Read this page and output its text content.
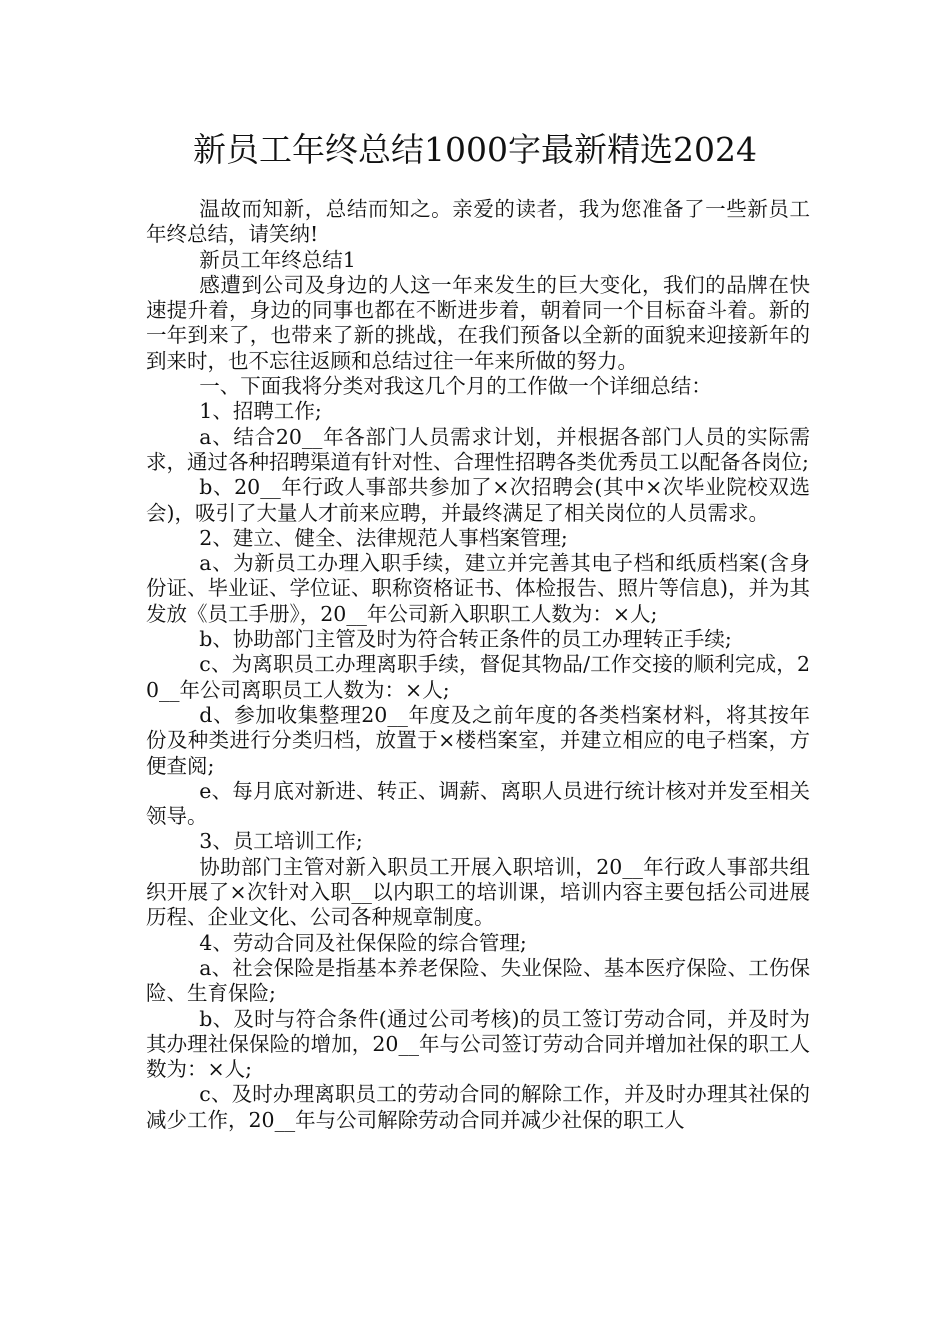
新员工年终总结1000字最新精选2024

温故而知新，总结而知之。亲爱的读者，我为您准备了一些新员工年终总结，请笑纳!

新员工年终总结1

感遭到公司及身边的人这一年来发生的巨大变化，我们的品牌在快速提升着，身边的同事也都在不断进步着，朝着同一个目标奋斗着。新的一年到来了，也带来了新的挑战，在我们预备以全新的面貌来迎接新年的到来时，也不忘往返顾和总结过往一年来所做的努力。

一、下面我将分类对我这几个月的工作做一个详细总结：

1、招聘工作;

a、结合20__年各部门人员需求计划，并根据各部门人员的实际需求，通过各种招聘渠道有针对性、合理性招聘各类优秀员工以配备各岗位;

b、20__年行政人事部共参加了×次招聘会(其中×次毕业院校双选会)，吸引了大量人才前来应聘，并最终满足了相关岗位的人员需求。

2、建立、健全、法律规范人事档案管理;

a、为新员工办理入职手续，建立并完善其电子档和纸质档案(含身份证、毕业证、学位证、职称资格证书、体检报告、照片等信息)，并为其发放《员工手册》，20__年公司新入职职工人数为：×人;

b、协助部门主管及时为符合转正条件的员工办理转正手续;

c、为离职员工办理离职手续，督促其物品/工作交接的顺利完成，20__年公司离职员工人数为：×人;

d、参加收集整理20__年度及之前年度的各类档案材料，将其按年份及种类进行分类归档，放置于×楼档案室，并建立相应的电子档案，方便查阅;

e、每月底对新进、转正、调薪、离职人员进行统计核对并发至相关领导。

3、员工培训工作;

协助部门主管对新入职员工开展入职培训，20__年行政人事部共组织开展了×次针对入职__以内职工的培训课，培训内容主要包括公司进展历程、企业文化、公司各种规章制度。

4、劳动合同及社保保险的综合管理;

a、社会保险是指基本养老保险、失业保险、基本医疗保险、工伤保险、生育保险;

b、及时与符合条件(通过公司考核)的员工签订劳动合同，并及时为其办理社保保险的增加，20__年与公司签订劳动合同并增加社保的职工人数为：×人;

c、及时办理离职员工的劳动合同的解除工作，并及时办理其社保的减少工作，20__年与公司解除劳动合同并减少社保的职工人
